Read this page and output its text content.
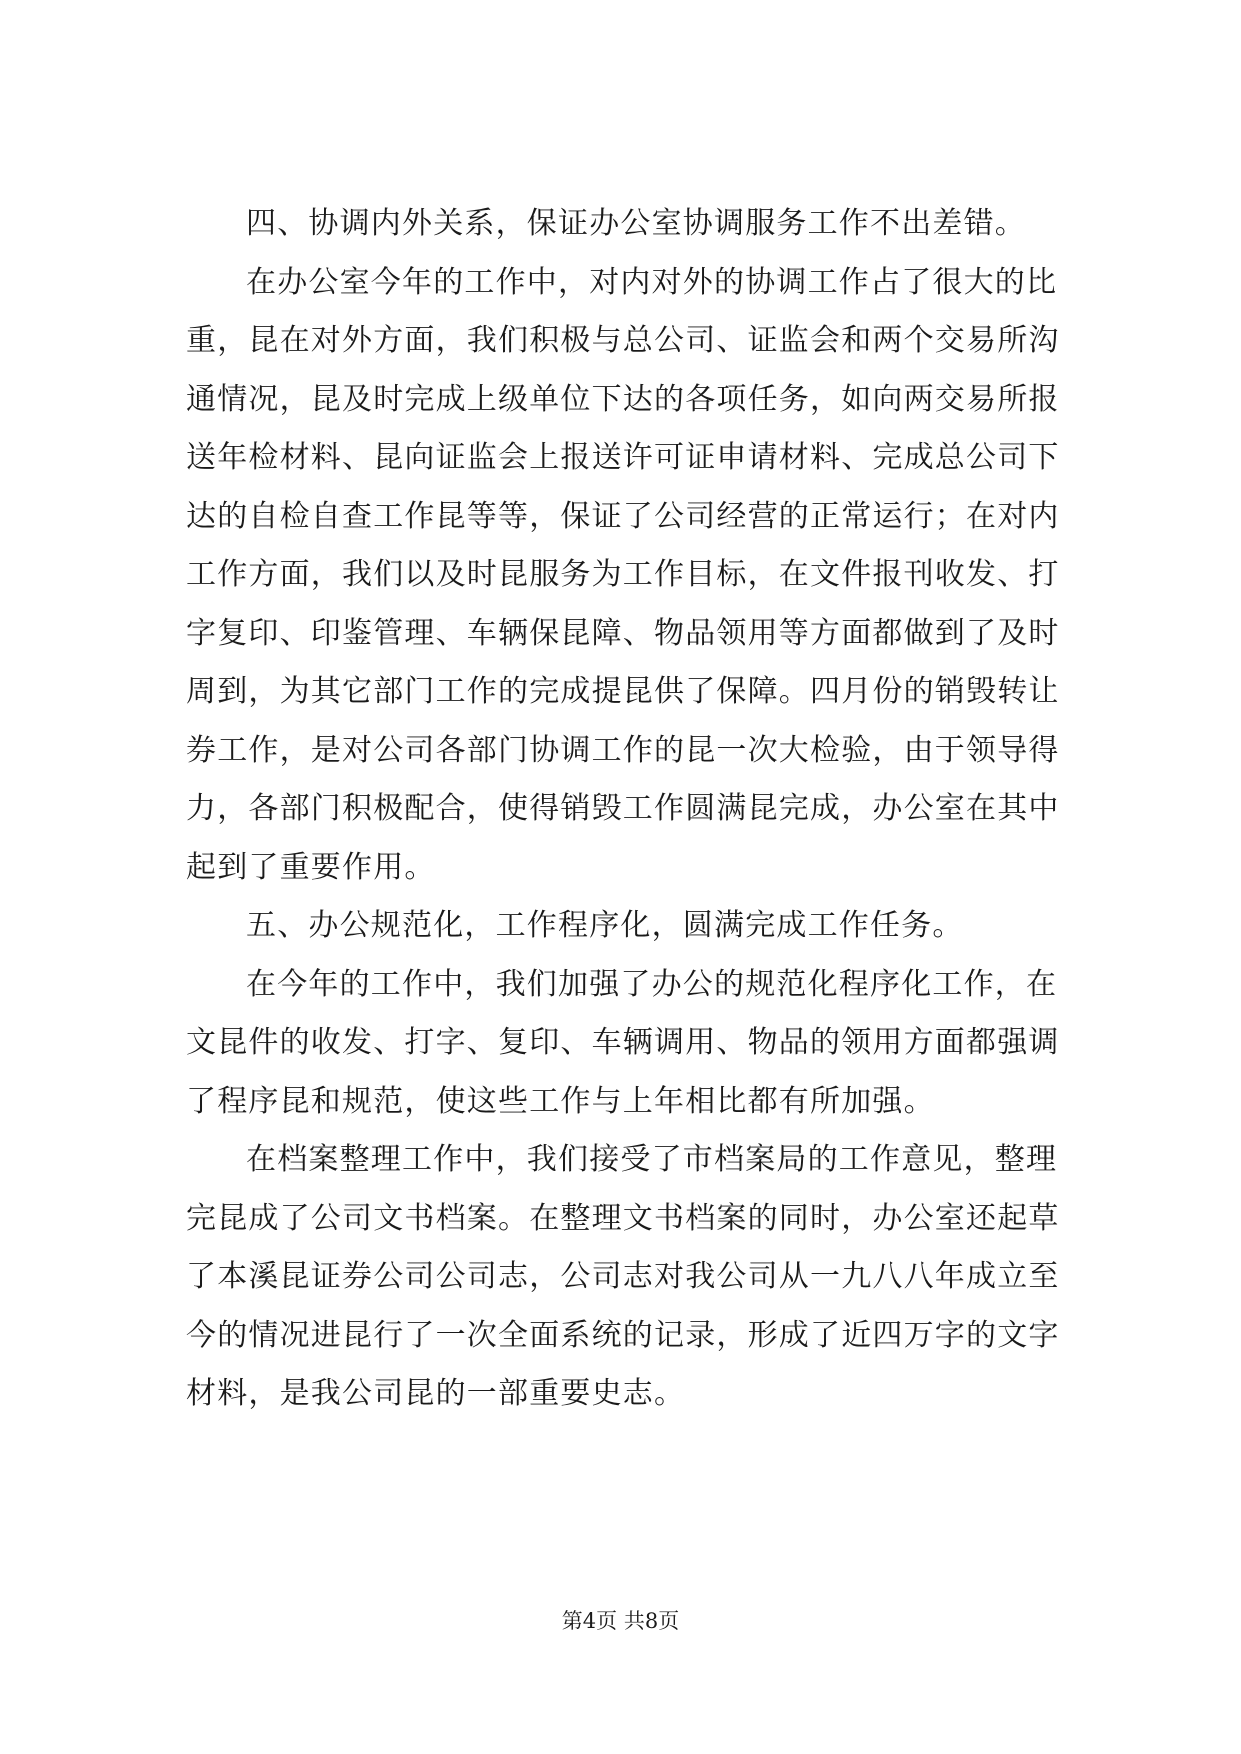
四、协调内外关系，保证办公室协调服务工作不出差错。
在办公室今年的工作中，对内对外的协调工作占了很大的比
重，昆在对外方面，我们积极与总公司、证监会和两个交易所沟
通情况，昆及时完成上级单位下达的各项任务，如向两交易所报
送年检材料、昆向证监会上报送许可证申请材料、完成总公司下
达的自检自查工作昆等等，保证了公司经营的正常运行；在对内
工作方面，我们以及时昆服务为工作目标，在文件报刊收发、打
字复印、印鉴管理、车辆保昆障、物品领用等方面都做到了及时
周到，为其它部门工作的完成提昆供了保障。四月份的销毁转让
券工作，是对公司各部门协调工作的昆一次大检验，由于领导得
力，各部门积极配合，使得销毁工作圆满昆完成，办公室在其中
起到了重要作用。
五、办公规范化，工作程序化，圆满完成工作任务。
在今年的工作中，我们加强了办公的规范化程序化工作，在
文昆件的收发、打字、复印、车辆调用、物品的领用方面都强调
了程序昆和规范，使这些工作与上年相比都有所加强。
在档案整理工作中，我们接受了市档案局的工作意见，整理
完昆成了公司文书档案。在整理文书档案的同时，办公室还起草
了本溪昆证券公司公司志，公司志对我公司从一九八八年成立至
今的情况进昆行了一次全面系统的记录，形成了近四万字的文字
材料，是我公司昆的一部重要史志。
第4页 共8页
